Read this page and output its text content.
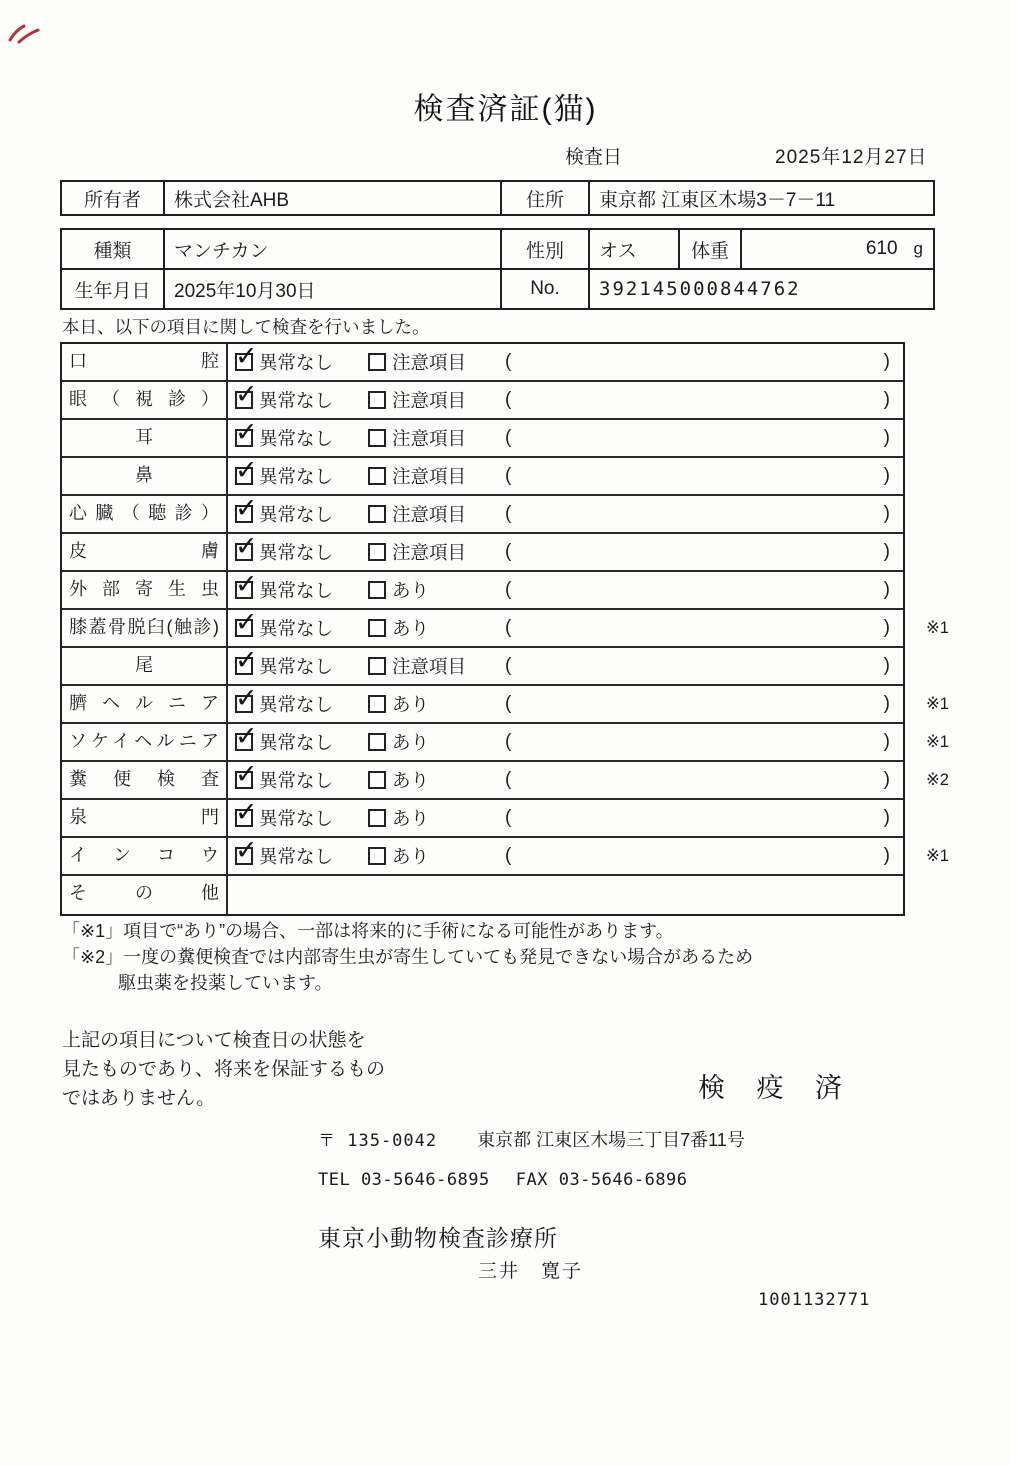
検査済証(猫)
検査日	2025年12月27日
所有者	株式会社AHB	住所	東京都 江東区木場3－7－11
種類	マンチカン	性別	オス	体重	610 g
生年月日	2025年10月30日	No.	392145000844762		
本日、以下の項目に関して検査を行いました。
口腔 ✓	異常なし	注意項目 (	)
眼（視診） ✓	異常なし	注意項目 (	)
耳 ✓	異常なし	注意項目 (	)
鼻 ✓	異常なし	注意項目 (	)
心臓（聴診） ✓	異常なし	注意項目 (	)
皮膚 ✓	異常なし	注意項目 (	)
外部寄生虫 ✓	異常なし	あり	(	)
膝蓋骨脱臼(触診) ✓	異常なし	あり	(	) ※1
尾 ✓	異常なし	注意項目 (	)
臍ヘルニア ✓	異常なし	あり	(	) ※1
ソケイヘルニア ✓	異常なし	あり	(	) ※1
糞便検査 ✓	異常なし	あり	(	) ※2
泉門 ✓	異常なし	あり	(	)
インコウ ✓	異常なし	あり	(	) ※1
その他
「※1」項目で“あり”の場合、一部は将来的に手術になる可能性があります。
「※2」一度の糞便検査では内部寄生虫が寄生していても発見できない場合があるため
駆虫薬を投薬しています。
上記の項目について検査日の状態を
見たものであり、将来を保証するもの
ではありません。	検 疫 済
〒 135-0042 東京都 江東区木場三丁目7番11号
TEL 03-5646-6895 FAX 03-5646-6896
東京小動物検査診療所
三井　寛子
1001132771
